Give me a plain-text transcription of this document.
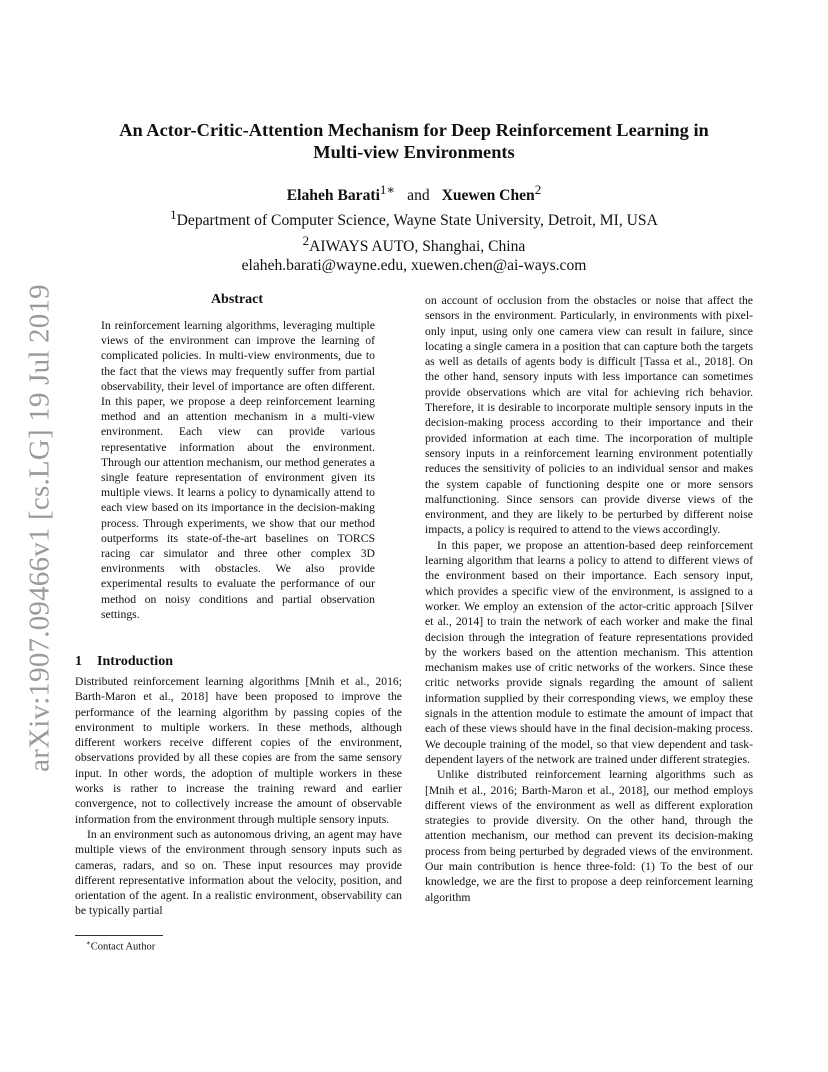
arXiv:1907.09466v1 [cs.LG] 19 Jul 2019
An Actor-Critic-Attention Mechanism for Deep Reinforcement Learning in
Multi-view Environments
Elaheh Barati$^{1∗}$ and Xuewen Chen$^2$
$^1$Department of Computer Science, Wayne State University, Detroit, MI, USA
$^2$AIWAYS AUTO, Shanghai, China
elaheh.barati@wayne.edu, xuewen.chen@ai-ways.com
Abstract

In reinforcement learning algorithms, leveraging multiple views of the environment can improve the learning of complicated policies. In multi-view environments, due to the fact that the views may frequently suffer from partial observability, their level of importance are often different. In this paper, we propose a deep reinforcement learning method and an attention mechanism in a multi-view environment. Each view can provide various representative information about the environment. Through our attention mechanism, our method generates a single feature representation of environment given its multiple views. It learns a policy to dynamically attend to each view based on its importance in the decision-making process. Through experiments, we show that our method outperforms its state-of-the-art baselines on TORCS racing car simulator and three other complex 3D environments with obstacles. We also provide experimental results to evaluate the performance of our method on noisy conditions and partial observation settings.

1 Introduction

Distributed reinforcement learning algorithms [Mnih et al., 2016; Barth-Maron et al., 2018] have been proposed to improve the performance of the learning algorithm by passing copies of the environment to multiple workers. In these methods, although different workers receive different copies of the environment, observations provided by all these copies are from the same sensory input. In other words, the adoption of multiple workers in these works is rather to increase the training reward and earlier convergence, not to collectively increase the amount of observable information from the environment through multiple sensory inputs.

In an environment such as autonomous driving, an agent may have multiple views of the environment through sensory inputs such as cameras, radars, and so on. These input resources may provide different representative information about the velocity, position, and orientation of the agent. In a realistic environment, observability can be typically partial

on account of occlusion from the obstacles or noise that affect the sensors in the environment. Particularly, in environments with pixel-only input, using only one camera view can result in failure, since locating a single camera in a position that can capture both the targets as well as details of agents body is difficult [Tassa et al., 2018]. On the other hand, sensory inputs with less importance can sometimes provide observations which are vital for achieving rich behavior. Therefore, it is desirable to incorporate multiple sensory inputs in the decision-making process according to their importance and their provided information at each time. The incorporation of multiple sensory inputs in a reinforcement learning environment potentially reduces the sensitivity of policies to an individual sensor and makes the system capable of functioning despite one or more sensors malfunctioning. Since sensors can provide diverse views of the environment, and they are likely to be perturbed by different noise impacts, a policy is required to attend to the views accordingly.

In this paper, we propose an attention-based deep reinforcement learning algorithm that learns a policy to attend to different views of the environment based on their importance. Each sensory input, which provides a specific view of the environment, is assigned to a worker. We employ an extension of the actor-critic approach [Silver et al., 2014] to train the network of each worker and make the final decision through the integration of feature representations provided by the workers based on the attention mechanism. This attention mechanism makes use of critic networks of the workers. Since these critic networks provide signals regarding the amount of salient information supplied by their corresponding views, we employ these signals in the attention module to estimate the amount of impact that each of these views should have in the final decision-making process. We decouple training of the model, so that view dependent and task-dependent layers of the network are trained under different strategies.

Unlike distributed reinforcement learning algorithms such as [Mnih et al., 2016; Barth-Maron et al., 2018], our method employs different views of the environment as well as different exploration strategies to provide diversity. On the other hand, through the attention mechanism, our method can prevent its decision-making process from being perturbed by degraded views of the environment. Our main contribution is hence three-fold: (1) To the best of our knowledge, we are the first to propose a deep reinforcement learning algorithm

∗Contact Author
